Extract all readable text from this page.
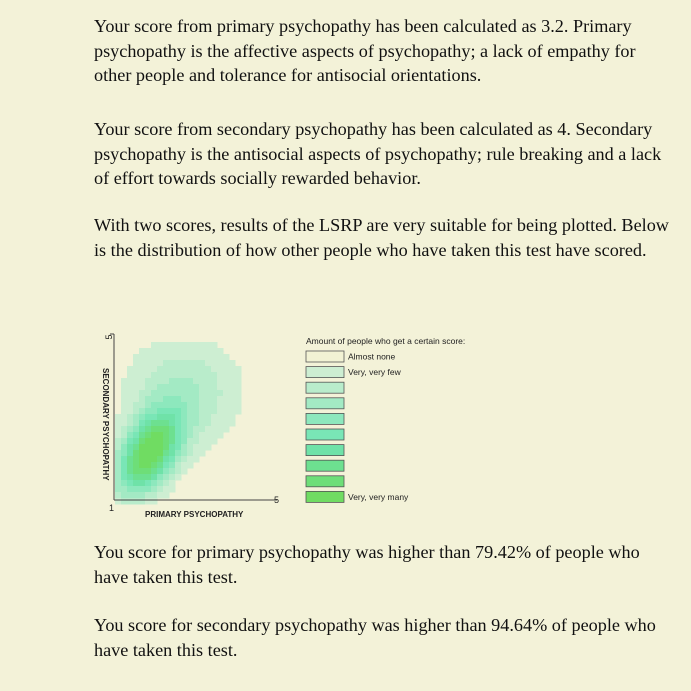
Your score from primary psychopathy has been calculated as 3.2. Primary psychopathy is the affective aspects of psychopathy; a lack of empathy for other people and tolerance for antisocial orientations.

Your score from secondary psychopathy has been calculated as 4. Secondary psychopathy is the antisocial aspects of psychopathy; rule breaking and a lack of effort towards socially rewarded behavior.

With two scores, results of the LSRP are very suitable for being plotted. Below is the distribution of how other people who have taken this test have scored.

5
5
1
PRIMARY PSYCHOPATHY
SECONDARY PSYCHOPATHY
Amount of people who get a certain score:
Almost none
Very, very few
Very, very many

You score for primary psychopathy was higher than 79.42% of people who have taken this test.

You score for secondary psychopathy was higher than 94.64% of people who have taken this test.
